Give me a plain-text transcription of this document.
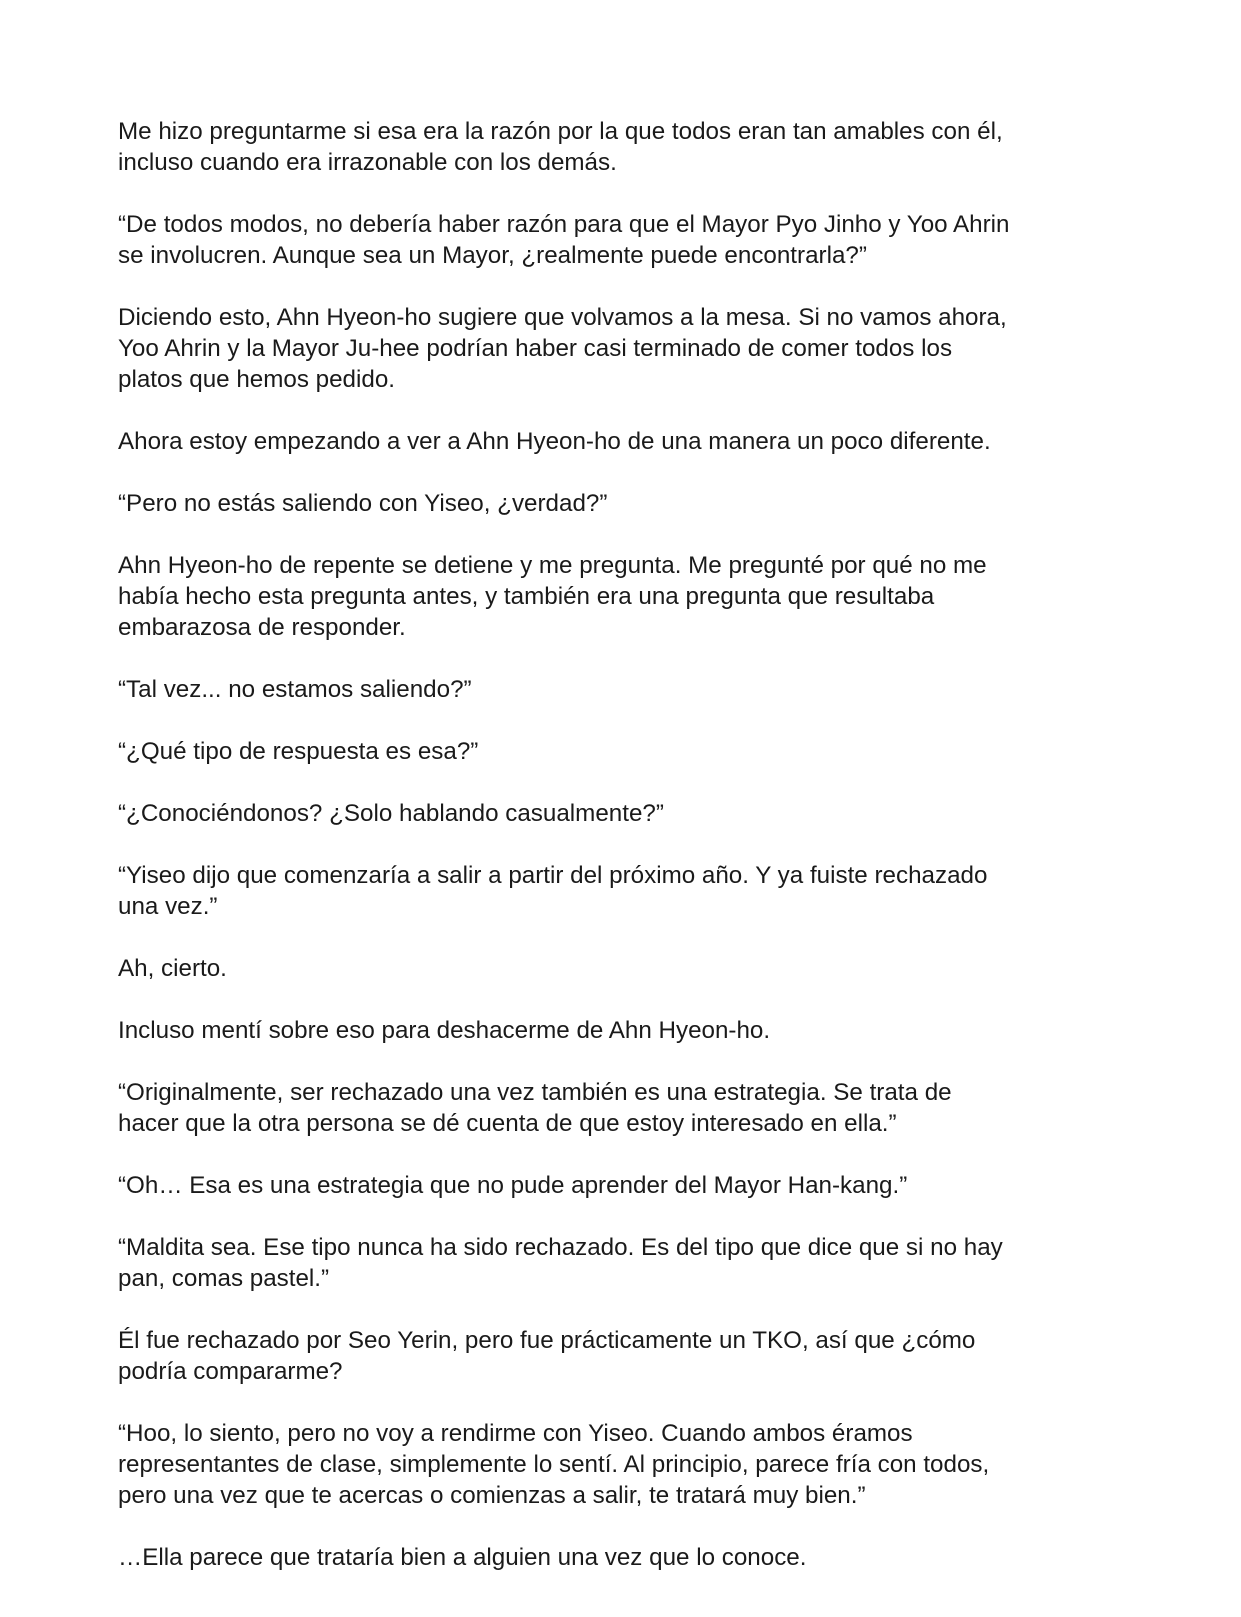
Me hizo preguntarme si esa era la razón por la que todos eran tan amables con él,
incluso cuando era irrazonable con los demás.

“De todos modos, no debería haber razón para que el Mayor Pyo Jinho y Yoo Ahrin
se involucren. Aunque sea un Mayor, ¿realmente puede encontrarla?”

Diciendo esto, Ahn Hyeon-ho sugiere que volvamos a la mesa. Si no vamos ahora,
Yoo Ahrin y la Mayor Ju-hee podrían haber casi terminado de comer todos los
platos que hemos pedido.

Ahora estoy empezando a ver a Ahn Hyeon-ho de una manera un poco diferente.

“Pero no estás saliendo con Yiseo, ¿verdad?”

Ahn Hyeon-ho de repente se detiene y me pregunta. Me pregunté por qué no me
había hecho esta pregunta antes, y también era una pregunta que resultaba
embarazosa de responder.

“Tal vez... no estamos saliendo?”

“¿Qué tipo de respuesta es esa?”

“¿Conociéndonos? ¿Solo hablando casualmente?”

“Yiseo dijo que comenzaría a salir a partir del próximo año. Y ya fuiste rechazado
una vez.”

Ah, cierto.

Incluso mentí sobre eso para deshacerme de Ahn Hyeon-ho.

“Originalmente, ser rechazado una vez también es una estrategia. Se trata de
hacer que la otra persona se dé cuenta de que estoy interesado en ella.”

“Oh… Esa es una estrategia que no pude aprender del Mayor Han-kang.”

“Maldita sea. Ese tipo nunca ha sido rechazado. Es del tipo que dice que si no hay
pan, comas pastel.”

Él fue rechazado por Seo Yerin, pero fue prácticamente un TKO, así que ¿cómo
podría compararme?

“Hoo, lo siento, pero no voy a rendirme con Yiseo. Cuando ambos éramos
representantes de clase, simplemente lo sentí. Al principio, parece fría con todos,
pero una vez que te acercas o comienzas a salir, te tratará muy bien.”

…Ella parece que trataría bien a alguien una vez que lo conoce.
